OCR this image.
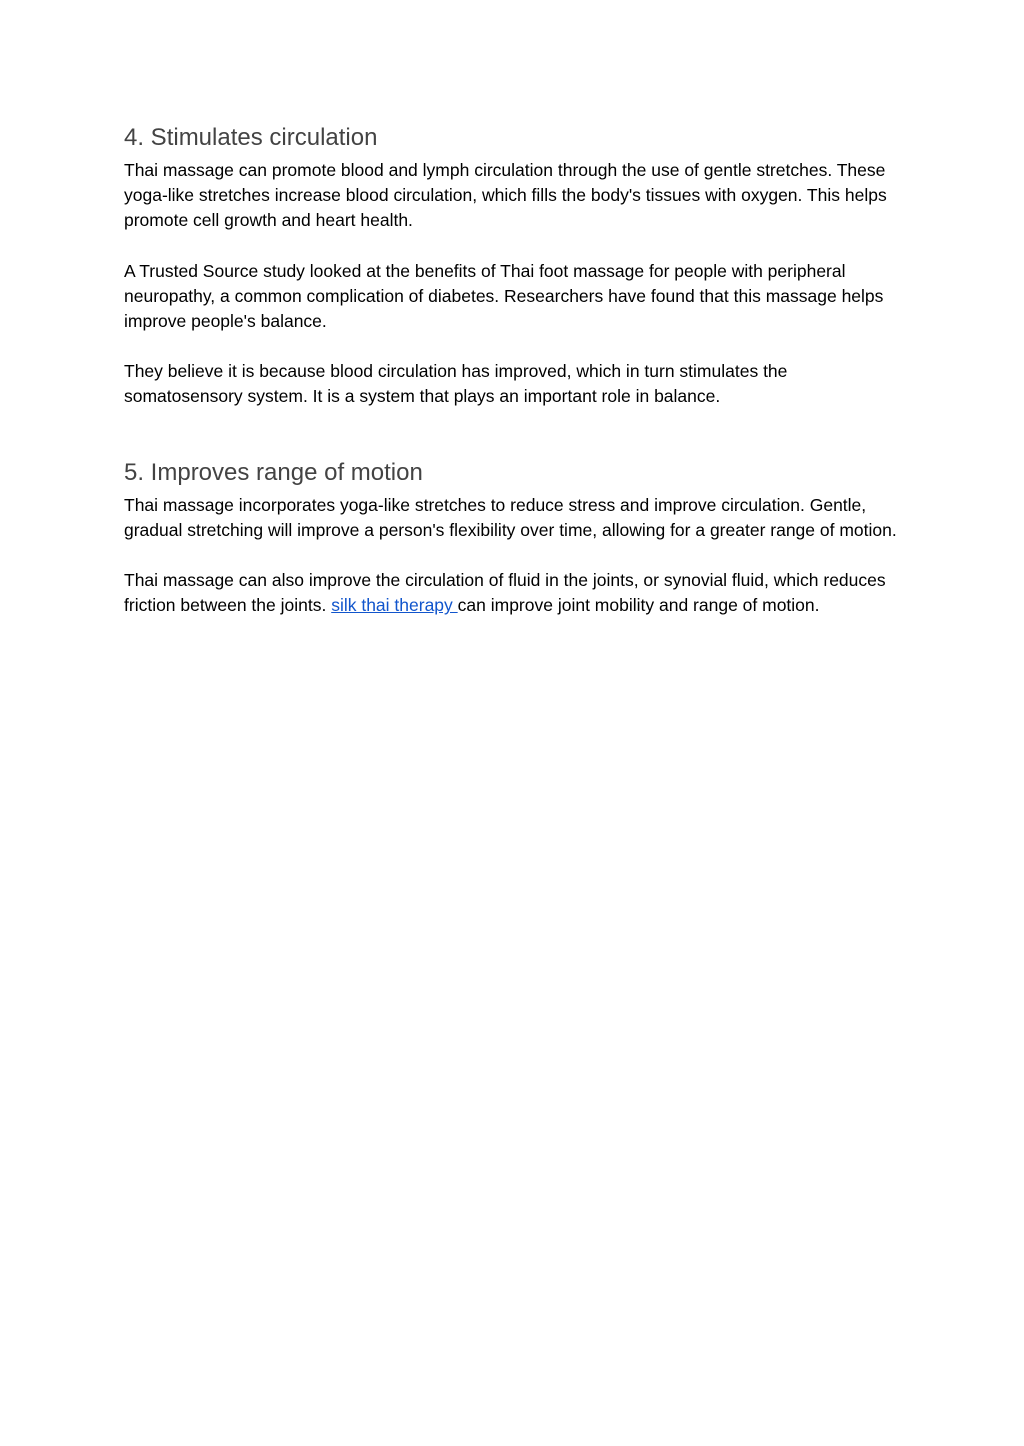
4. Stimulates circulation

Thai massage can promote blood and lymph circulation through the use of gentle stretches. These yoga-like stretches increase blood circulation, which fills the body's tissues with oxygen. This helps promote cell growth and heart health.

A Trusted Source study looked at the benefits of Thai foot massage for people with peripheral neuropathy, a common complication of diabetes. Researchers have found that this massage helps improve people's balance.

They believe it is because blood circulation has improved, which in turn stimulates the somatosensory system. It is a system that plays an important role in balance.

5. Improves range of motion

Thai massage incorporates yoga-like stretches to reduce stress and improve circulation. Gentle, gradual stretching will improve a person's flexibility over time, allowing for a greater range of motion.

Thai massage can also improve the circulation of fluid in the joints, or synovial fluid, which reduces friction between the joints. silk thai therapy can improve joint mobility and range of motion.
